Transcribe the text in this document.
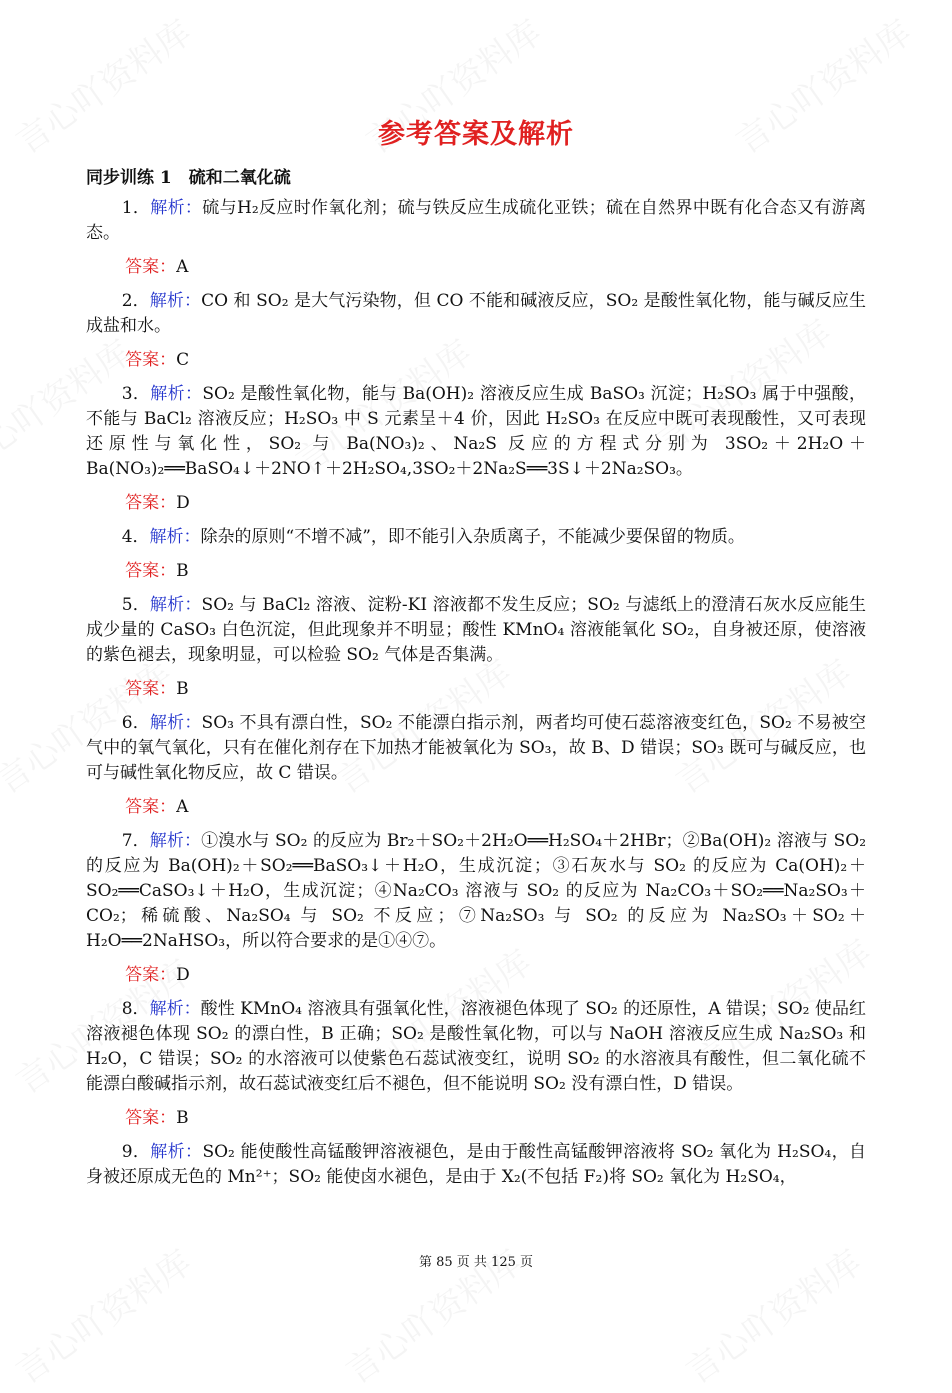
参考答案及解析
同步训练 1　硫和二氧化硫

1．解析：硫与H₂反应时作氧化剂；硫与铁反应生成硫化亚铁；硫在自然界中既有化合态又有游离态。

答案：A

2．解析：CO 和 SO₂ 是大气污染物，但 CO 不能和碱液反应，SO₂ 是酸性氧化物，能与碱反应生成盐和水。

答案：C

3．解析：SO₂ 是酸性氧化物，能与 Ba(OH)₂ 溶液反应生成 BaSO₃ 沉淀；H₂SO₃ 属于中强酸，不能与 BaCl₂ 溶液反应；H₂SO₃ 中 S 元素呈＋4 价，因此 H₂SO₃ 在反应中既可表现酸性，又可表现还原性与氧化性，SO₂ 与 Ba(NO₃)₂、Na₂S 反应的方程式分别为 3SO₂＋2H₂O＋Ba(NO₃)₂══BaSO₄↓＋2NO↑＋2H₂SO₄,3SO₂＋2Na₂S══3S↓＋2Na₂SO₃。

答案：D

4．解析：除杂的原则“不增不减”，即不能引入杂质离子，不能减少要保留的物质。

答案：B

5．解析：SO₂ 与 BaCl₂ 溶液、淀粉-KI 溶液都不发生反应；SO₂ 与滤纸上的澄清石灰水反应能生成少量的 CaSO₃ 白色沉淀，但此现象并不明显；酸性 KMnO₄ 溶液能氧化 SO₂，自身被还原，使溶液的紫色褪去，现象明显，可以检验 SO₂ 气体是否集满。

答案：B

6．解析：SO₃ 不具有漂白性，SO₂ 不能漂白指示剂，两者均可使石蕊溶液变红色，SO₂ 不易被空气中的氧气氧化，只有在催化剂存在下加热才能被氧化为 SO₃，故 B、D 错误；SO₃ 既可与碱反应，也可与碱性氧化物反应，故 C 错误。

答案：A

7．解析：①溴水与 SO₂ 的反应为 Br₂＋SO₂＋2H₂O══H₂SO₄＋2HBr；②Ba(OH)₂ 溶液与 SO₂ 的反应为 Ba(OH)₂＋SO₂══BaSO₃↓＋H₂O，生成沉淀；③石灰水与 SO₂ 的反应为 Ca(OH)₂＋SO₂══CaSO₃↓＋H₂O，生成沉淀；④Na₂CO₃ 溶液与 SO₂ 的反应为 Na₂CO₃＋SO₂══Na₂SO₃＋CO₂；稀硫酸、Na₂SO₄ 与 SO₂ 不反应；⑦Na₂SO₃ 与 SO₂ 的反应为 Na₂SO₃＋SO₂＋H₂O══2NaHSO₃，所以符合要求的是①④⑦。

答案：D

8．解析：酸性 KMnO₄ 溶液具有强氧化性，溶液褪色体现了 SO₂ 的还原性，A 错误；SO₂ 使品红溶液褪色体现 SO₂ 的漂白性，B 正确；SO₂ 是酸性氧化物，可以与 NaOH 溶液反应生成 Na₂SO₃ 和 H₂O，C 错误；SO₂ 的水溶液可以使紫色石蕊试液变红，说明 SO₂ 的水溶液具有酸性，但二氧化硫不能漂白酸碱指示剂，故石蕊试液变红后不褪色，但不能说明 SO₂ 没有漂白性，D 错误。

答案：B

9．解析：SO₂ 能使酸性高锰酸钾溶液褪色，是由于酸性高锰酸钾溶液将 SO₂ 氧化为 H₂SO₄，自身被还原成无色的 Mn²⁺；SO₂ 能使卤水褪色，是由于 X₂(不包括 F₂)将 SO₂ 氧化为 H₂SO₄，

第 85 页 共 125 页
